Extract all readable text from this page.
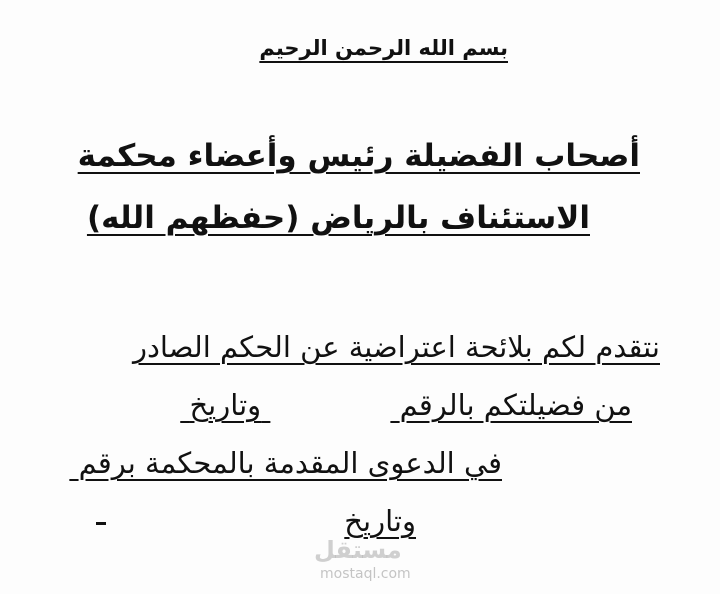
بسم الله الرحمن الرحيم
أصحاب الفضيلة رئيس وأعضاء محكمة
الاستئناف بالرياض (حفظهم الله)
نتقدم لكم بلائحة اعتراضية عن الحكم الصادر
من فضيلتكم بالرقم  وتاريخ
في الدعوى المقدمة بالمحكمة برقم
وتاريخ
مستقل
mostaql.com
